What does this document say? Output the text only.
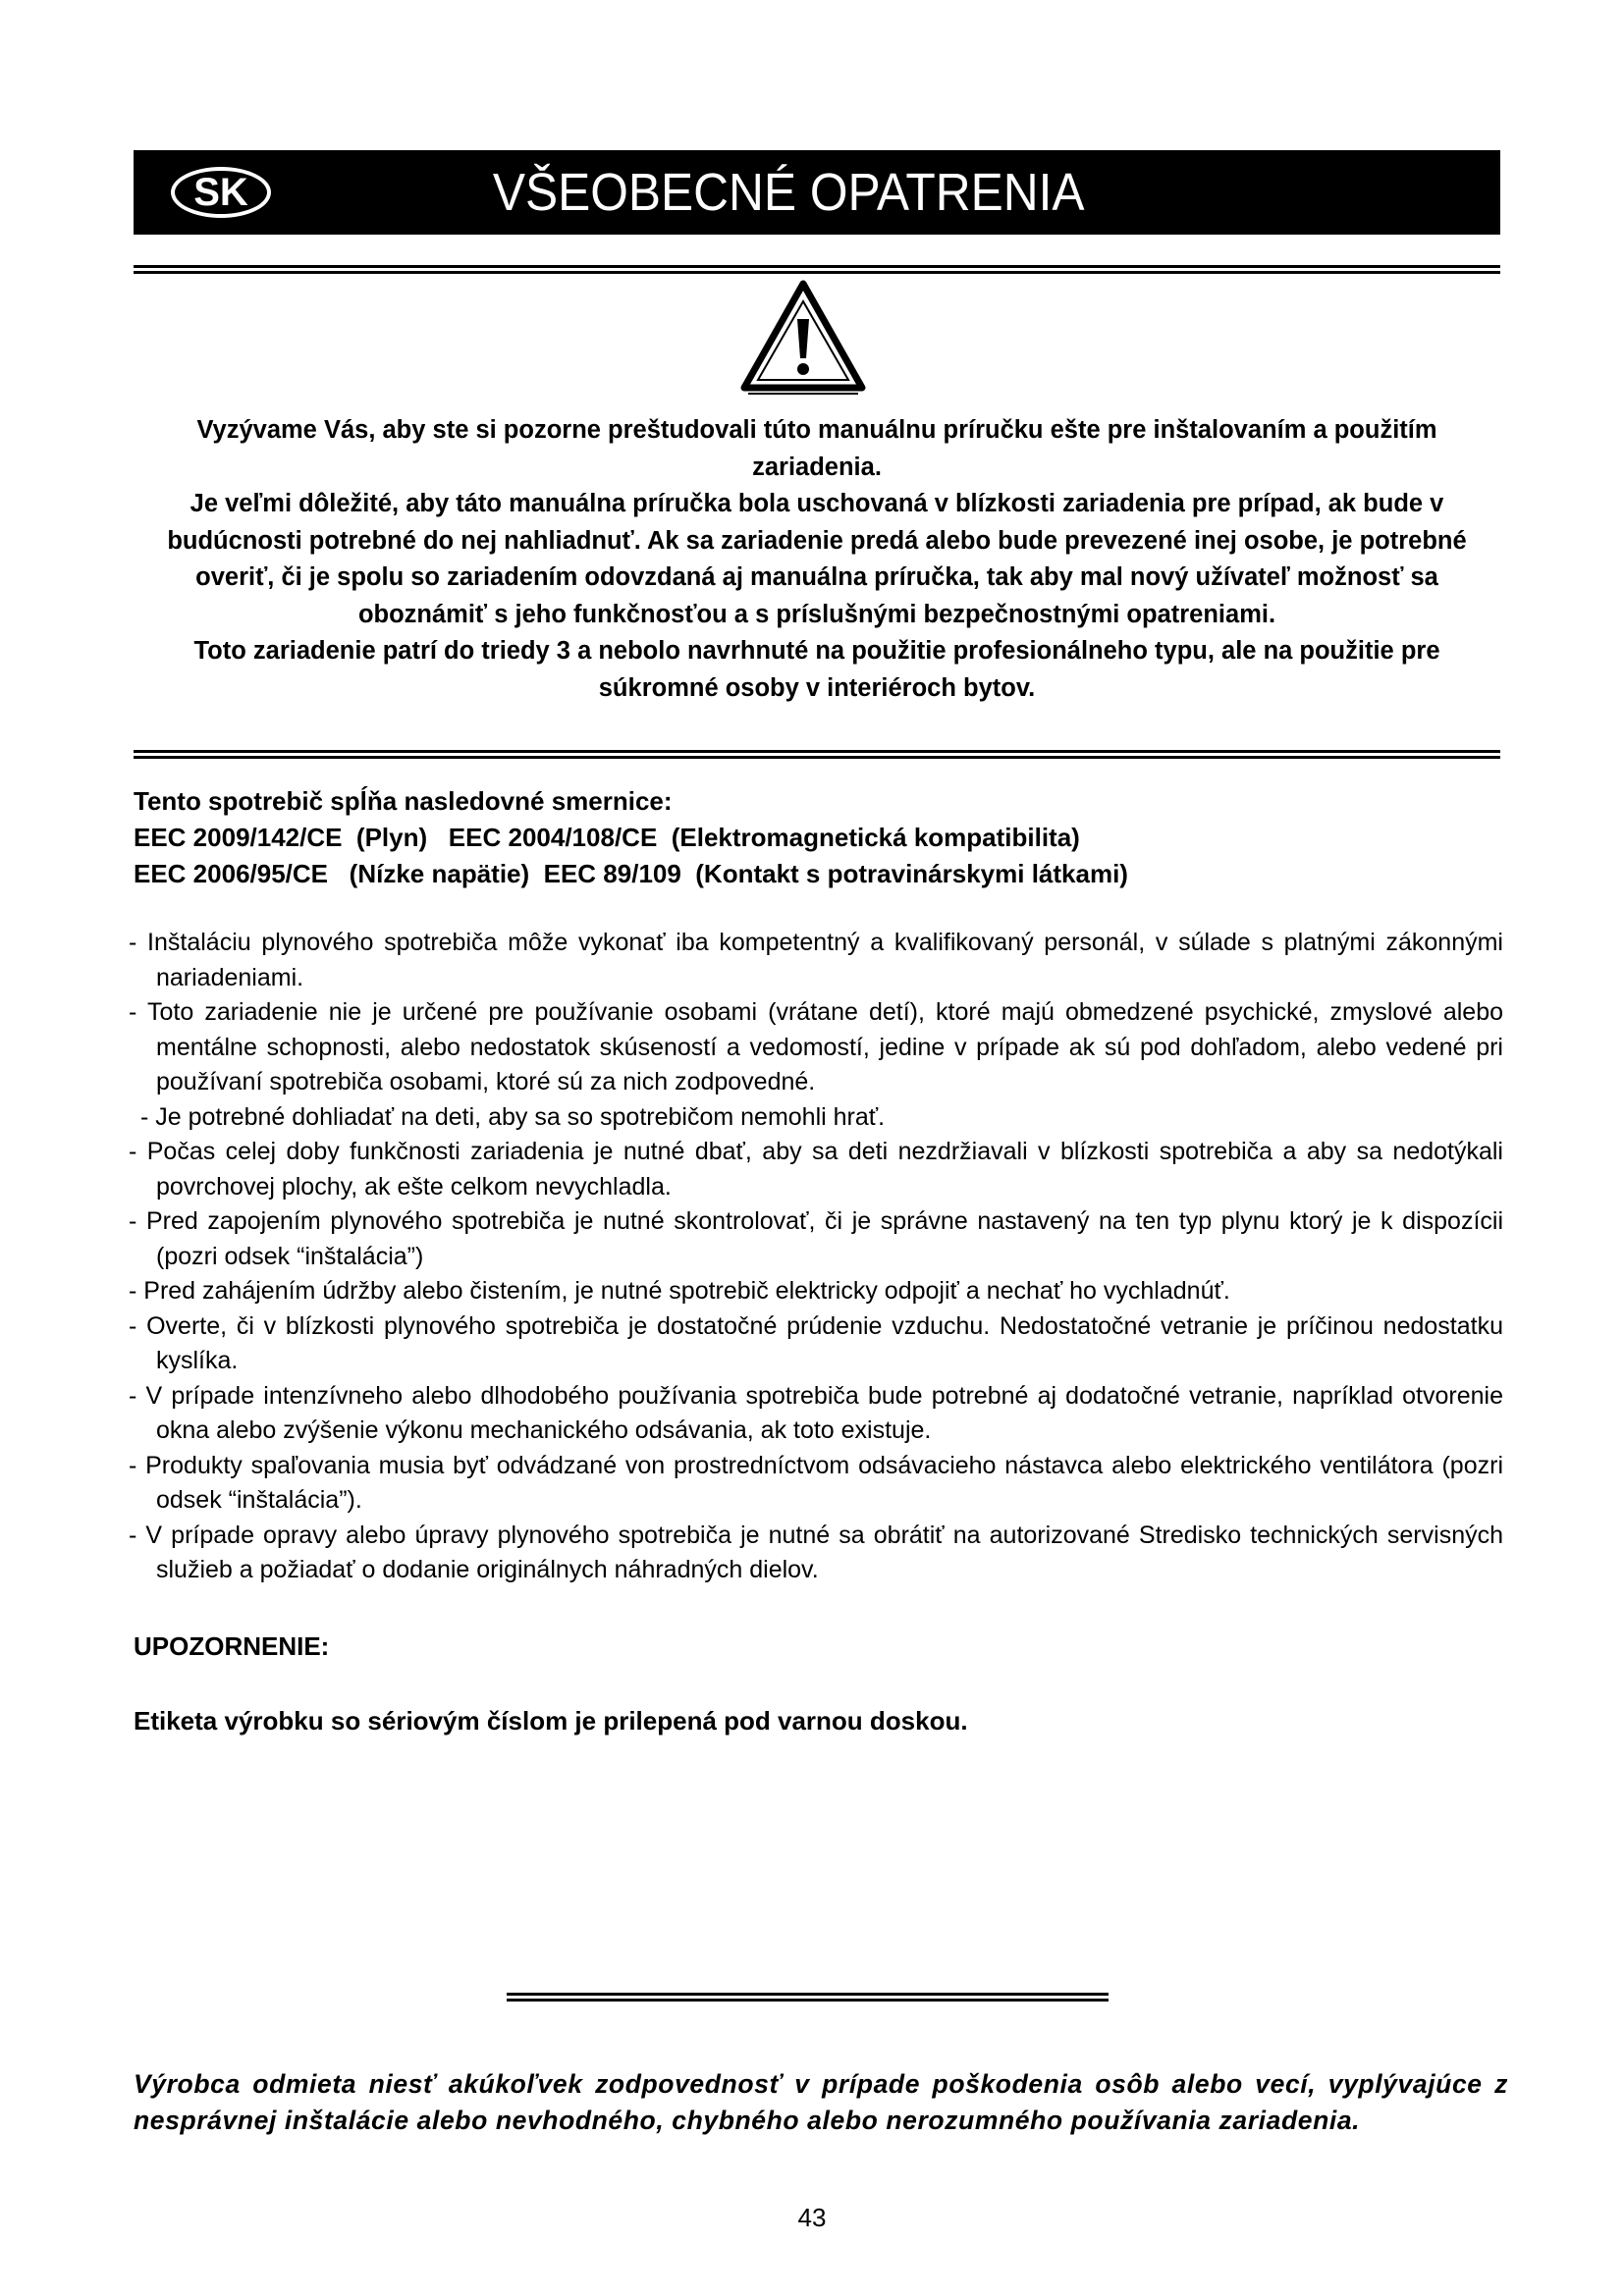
SK	VŠEOBECNÉ OPATRENIA

Vyzývame Vás, aby ste si pozorne preštudovali túto manuálnu príručku ešte pre inštalovaním a použitím zariadenia.

Je veľmi dôležité, aby táto manuálna príručka bola uschovaná v blízkosti zariadenia pre prípad, ak bude v budúcnosti potrebné do nej nahliadnuť. Ak sa zariadenie predá alebo bude prevezené inej osobe, je potrebné overiť, či je spolu so zariadením odovzdaná aj manuálna príručka, tak aby mal nový užívateľ možnosť sa oboznámiť s jeho funkčnosťou a s príslušnými bezpečnostnými opatreniami.

Toto zariadenie patrí do triedy 3 a nebolo navrhnuté na použitie profesionálneho typu, ale na použitie pre súkromné osoby v interiéroch bytov.

Tento spotrebič spĺňa nasledovné smernice:

EEC 2009/142/CE  (Plyn)   EEC 2004/108/CE  (Elektromagnetická kompatibilita)

EEC 2006/95/CE   (Nízke napätie)  EEC 89/109  (Kontakt s potravinárskymi látkami)

- Inštaláciu plynového spotrebiča môže vykonať iba kompetentný a kvalifikovaný personál, v súlade s platnými zákonnými nariadeniami.
- Toto zariadenie nie je určené pre používanie osobami (vrátane detí), ktoré majú obmedzené psychické, zmyslové alebo mentálne schopnosti, alebo nedostatok skúseností a vedomostí, jedine v prípade ak sú pod dohľadom, alebo vedené pri používaní spotrebiča osobami, ktoré sú za nich zodpovedné.
- Je potrebné dohliadať na deti, aby sa so spotrebičom nemohli hrať.
- Počas celej doby funkčnosti zariadenia je nutné dbať, aby sa deti nezdržiavali v blízkosti spotrebiča a aby sa nedotýkali povrchovej plochy, ak ešte celkom nevychladla.
- Pred zapojením plynového spotrebiča je nutné skontrolovať, či je správne nastavený na ten typ plynu ktorý je k dispozícii (pozri odsek “inštalácia”)
- Pred zahájením údržby alebo čistením, je nutné spotrebič elektricky odpojiť a nechať ho vychladnúť.
- Overte, či v blízkosti plynového spotrebiča je dostatočné prúdenie vzduchu. Nedostatočné vetranie je príčinou nedostatku kyslíka.
- V prípade intenzívneho alebo dlhodobého používania spotrebiča bude potrebné aj dodatočné vetranie, napríklad otvorenie okna alebo zvýšenie výkonu mechanického odsávania, ak toto existuje.
- Produkty spaľovania musia byť odvádzané von prostredníctvom odsávacieho nástavca alebo elektrického ventilátora (pozri odsek “inštalácia”).
- V prípade opravy alebo úpravy plynového spotrebiča je nutné sa obrátiť na autorizované Stredisko technických servisných služieb a požiadať o dodanie originálnych náhradných dielov.

UPOZORNENIE:

Etiketa výrobku so sériovým číslom je prilepená pod varnou doskou.

Výrobca odmieta niesť akúkoľvek zodpovednosť v prípade poškodenia osôb alebo vecí, vyplývajúce z nesprávnej inštalácie alebo nevhodného, chybného alebo nerozumného používania zariadenia.

43
